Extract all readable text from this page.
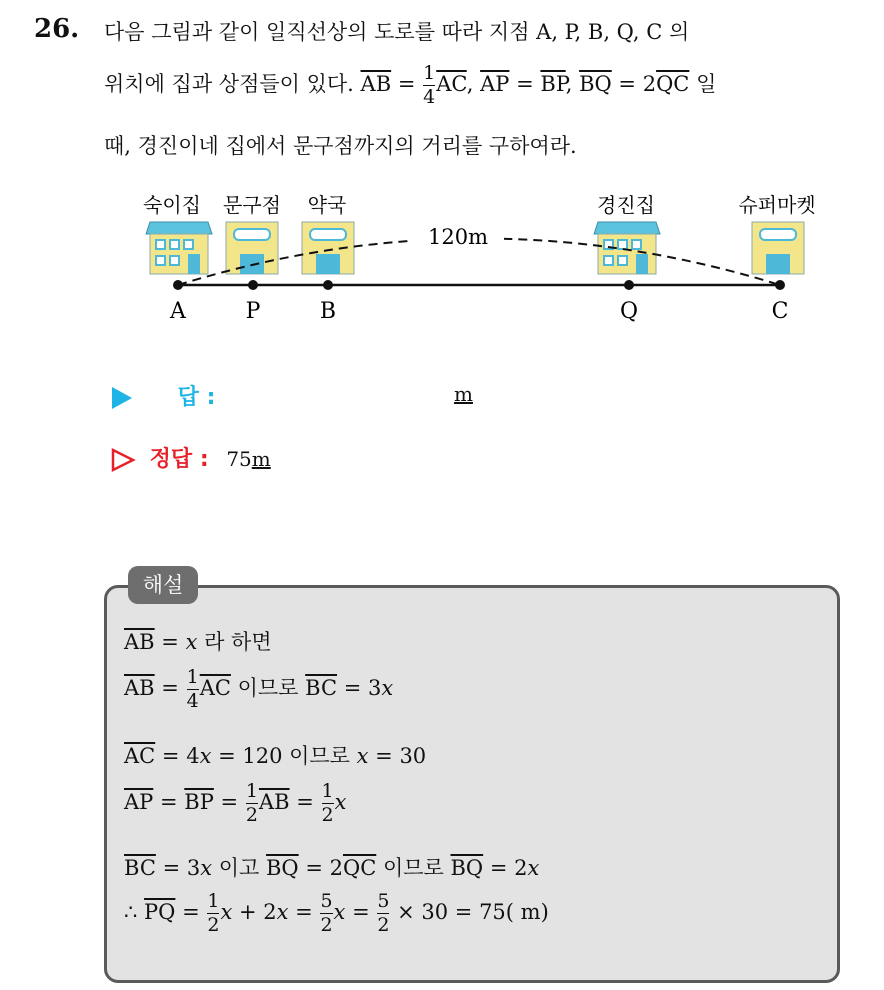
26. 다음 그림과 같이 일직선상의 도로를 따라 지점 A, P, B, Q, C 의
위치에 집과 상점들이 있다. $\overline{AB} = \frac{1}{4} \overline{AC}$, $\overline{AP} = \overline{BP}$, $\overline{BQ} = 2\overline{QC}$ 일
때, 경진이네 집에서 문구점까지의 거리를 구하여라.
숙이집 문구점 약국	경진집	슈퍼마켓
120m
A	P	B	Q	C
답 :	m
정답 : 75m
해설
$\overline{AB} = x$ 라 하면
$\overline{AB} = \frac{1}{4} \overline{AC}$ 이므로 $\overline{BC} = 3x$
$\overline{AC} = 4x = 120$ 이므로 x = 30
$\overline{AP} = \overline{BP} = \frac{1}{2} \overline{AB} = \frac{1}{2}$ x
$\overline{BC} = 3x$ 이고 $\overline{BQ} = 2\overline{QC}$ 이므로 $\overline{BQ} = 2x$
∴ $\overline{PQ} = \frac{1}{2}$ $x + 2x = \frac{5}{2}$ $x = \frac{5}{2} \times 30 = 75$( m)
